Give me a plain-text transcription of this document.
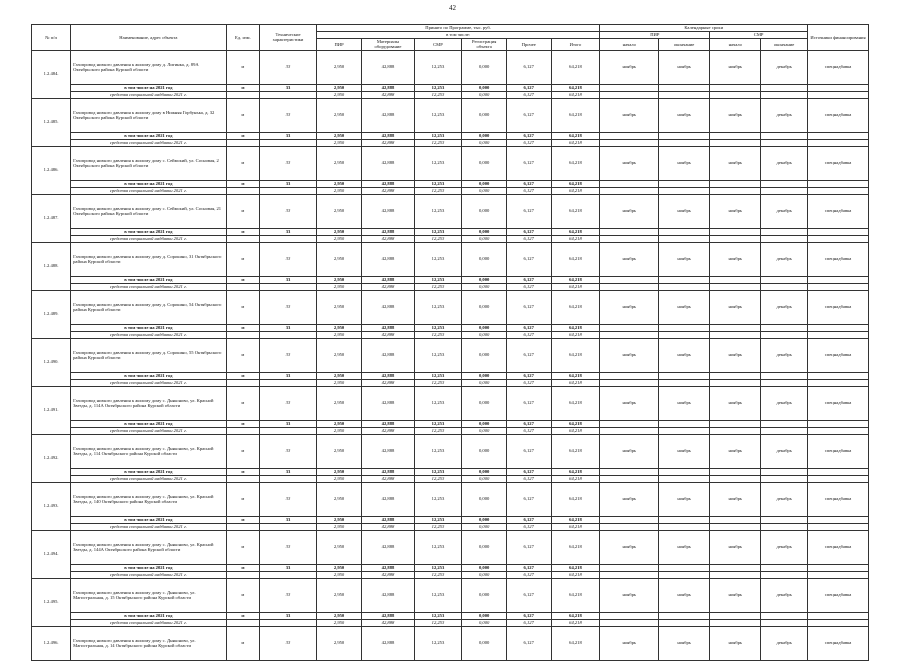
42
№ п/п	Наименование, адрес объекта	Ед. изм.	Технические характеристики	Принято по Программе, тыс. руб.						Календарные сроки				Источники финансирования
				в том числе:						ПИР		СМР		
				ПИР	Материалы оборудование	СМР	Регистрация объекта	Прочее	Итого	начало	окончание	начало	окончание	
1.2.484.	Газопровод низкого давления к жилому дому д. Лигинка, д. 89А Октябрьского района Курской области	м	33	2,950	42,888	12,253	0,000	6,127	64,218	ноябрь	ноябрь	ноябрь	декабрь	спецнадбавка
	в том числе на 2021 год	м	33	2,950	42,888	12,253	0,000	6,127	64,218					
	средства специальной надбавки 2021 г.			2,950	42,888	12,253	0,000	6,127	64,218					
1.2.485.	Газопровод низкого давления к жилому дому в Нижняя Горбунька, д. 32 Октябрьского района Курской области	м	33	2,950	42,888	12,253	0,000	6,127	64,218	ноябрь	ноябрь	ноябрь	декабрь	спецнадбавка
	в том числе на 2021 год	м	33	2,950	42,888	12,253	0,000	6,127	64,218					
	средства специальной надбавки 2021 г.			2,950	42,888	12,253	0,000	6,127	64,218					
1.2.486.	Газопровод низкого давления к жилому дому с. Сеймский, ул. Сосновая, 2 Октябрьского района Курской области	м	33	2,950	42,888	12,253	0,000	6,127	64,218	ноябрь	ноябрь	ноябрь	декабрь	спецнадбавка
	в том числе на 2021 год	м	33	2,950	42,888	12,253	0,000	6,127	64,218					
	средства специальной надбавки 2021 г.			2,950	42,888	12,253	0,000	6,127	64,218					
1.2.487.	Газопровод низкого давления к жилому дому с. Сеймский, ул. Сосновая, 21 Октябрьского района Курской области	м	33	2,950	42,888	12,253	0,000	6,127	64,218	ноябрь	ноябрь	ноябрь	декабрь	спецнадбавка
	в том числе на 2021 год	м	33	2,950	42,888	12,253	0,000	6,127	64,218					
	средства специальной надбавки 2021 г.			2,950	42,888	12,253	0,000	6,127	64,218					
1.2.488.	Газопровод низкого давления к жилому дому д. Сорокино, 31 Октябрьского района Курской области	м	33	2,950	42,888	12,253	0,000	6,127	64,218	ноябрь	ноябрь	ноябрь	декабрь	спецнадбавка
	в том числе на 2021 год	м	33	2,950	42,888	12,253	0,000	6,127	64,218					
	средства специальной надбавки 2021 г.			2,950	42,888	12,253	0,000	6,127	64,218					
1.2.489.	Газопровод низкого давления к жилому дому д. Сорокино, 54 Октябрьского района Курской области	м	33	2,950	42,888	12,253	0,000	6,127	64,218	ноябрь	ноябрь	ноябрь	декабрь	спецнадбавка
	в том числе на 2021 год	м	33	2,950	42,888	12,253	0,000	6,127	64,218					
	средства специальной надбавки 2021 г.			2,950	42,888	12,253	0,000	6,127	64,218					
1.2.490.	Газопровод низкого давления к жилому дому д. Сорокино, 55 Октябрьского района Курской области	м	33	2,950	42,888	12,253	0,000	6,127	64,218	ноябрь	ноябрь	ноябрь	декабрь	спецнадбавка
	в том числе на 2021 год	м	33	2,950	42,888	12,253	0,000	6,127	64,218					
	средства специальной надбавки 2021 г.			2,950	42,888	12,253	0,000	6,127	64,218					
1.2.491.	Газопровод низкого давления к жилому дому с. Дьяконово, ул. Красной Звезды, д. 114А Октябрьского района Курской области	м	33	2,950	42,888	12,253	0,000	6,127	64,218	ноябрь	ноябрь	ноябрь	декабрь	спецнадбавка
	в том числе на 2021 год	м	33	2,950	42,888	12,253	0,000	6,127	64,218					
	средства специальной надбавки 2021 г.			2,950	42,888	12,253	0,000	6,127	64,218					
1.2.492.	Газопровод низкого давления к жилому дому с. Дьяконово, ул. Красной Звезды, д. 114 Октябрьского района Курской области	м	33	2,950	42,888	12,253	0,000	6,127	64,218	ноябрь	ноябрь	ноябрь	декабрь	спецнадбавка
	в том числе на 2021 год	м	33	2,950	42,888	12,253	0,000	6,127	64,218					
	средства специальной надбавки 2021 г.			2,950	42,888	12,253	0,000	6,127	64,218					
1.2.493.	Газопровод низкого давления к жилому дому с. Дьяконово, ул. Красной Звезды, д. 140 Октябрьского района Курской области	м	33	2,950	42,888	12,253	0,000	6,127	64,218	ноябрь	ноябрь	ноябрь	декабрь	спецнадбавка
	в том числе на 2021 год	м	33	2,950	42,888	12,253	0,000	6,127	64,218					
	средства специальной надбавки 2021 г.			2,950	42,888	12,253	0,000	6,127	64,218					
1.2.494.	Газопровод низкого давления к жилому дому с. Дьяконово, ул. Красной Звезды, д. 144А Октябрьского района Курской области	м	33	2,950	42,888	12,253	0,000	6,127	64,218	ноябрь	ноябрь	ноябрь	декабрь	спецнадбавка
	в том числе на 2021 год	м	33	2,950	42,888	12,253	0,000	6,127	64,218					
	средства специальной надбавки 2021 г.			2,950	42,888	12,253	0,000	6,127	64,218					
1.2.495.	Газопровод низкого давления к жилому дому с. Дьяконово, ул. Магистральная, д. 15 Октябрьского района Курской области	м	33	2,950	42,888	12,253	0,000	6,127	64,218	ноябрь	ноябрь	ноябрь	декабрь	спецнадбавка
	в том числе на 2021 год	м	33	2,950	42,888	12,253	0,000	6,127	64,218					
	средства специальной надбавки 2021 г.			2,950	42,888	12,253	0,000	6,127	64,218					
1.2.496.	Газопровод низкого давления к жилому дому с. Дьяконово, ул. Магистральная, д. 14 Октябрьского района Курской области	м	33	2,950	42,888	12,253	0,000	6,127	64,218	ноябрь	ноябрь	ноябрь	декабрь	спецнадбавка
